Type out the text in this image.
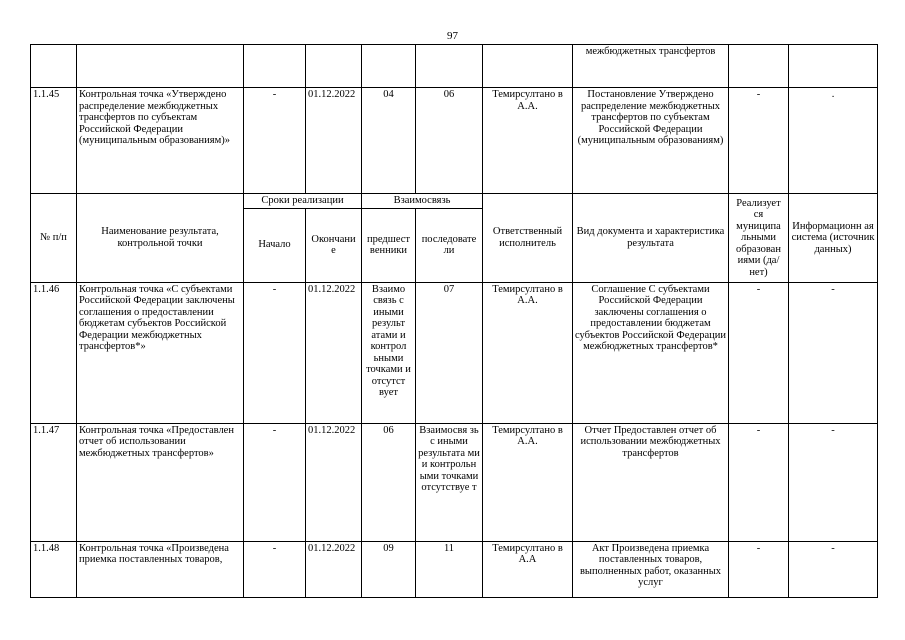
97
							межбюджетных трансфертов		
1.1.45	Контрольная точка «Утверждено распределение межбюджетных трансфертов по субъектам Российской Федерации (муниципальным образованиям)»	-	01.12.2022	04	06	Темирсултано в А.А.	Постановление Утверждено распределение межбюджетных трансфертов по субъектам Российской Федерации (муниципальным образованиям)	-	.
№ п/п	Наименование результата, контрольной точки	Сроки реализации		Взаимосвязь		Ответственный исполнитель	Вид документа и характеристика результата	Реализует ся муниципа льными образован иями (да/нет)	Информационн ая система (источник данных)
		Начало	Окончани е	предшест венники	последовате ли				
1.1.46	Контрольная точка «С субъектами Российской Федерации заключены соглашения о предоставлении бюджетам субъектов Российской Федерации межбюджетных трансфертов*»	-	01.12.2022	Взаимо связь с иными результ атами и контрол ьными точками и отсутст вует	07	Темирсултано в А.А.	Соглашение С субъектами Российской Федерации заключены соглашения о предоставлении бюджетам субъектов Российской Федерации межбюджетных трансфертов*	-	-
1.1.47	Контрольная точка «Предоставлен отчет об использовании межбюджетных трансфертов»	-	01.12.2022	06	Взаимосвя зь с иными результата ми и контрольн ыми точками отсутствуе т	Темирсултано в А.А.	Отчет Предоставлен отчет об использовании межбюджетных трансфертов	-	-
1.1.48	Контрольная точка «Произведена приемка поставленных товаров,	-	01.12.2022	09	11	Темирсултано в А.А	Акт Произведена приемка поставленных товаров, выполненных работ, оказанных услуг	-	-
